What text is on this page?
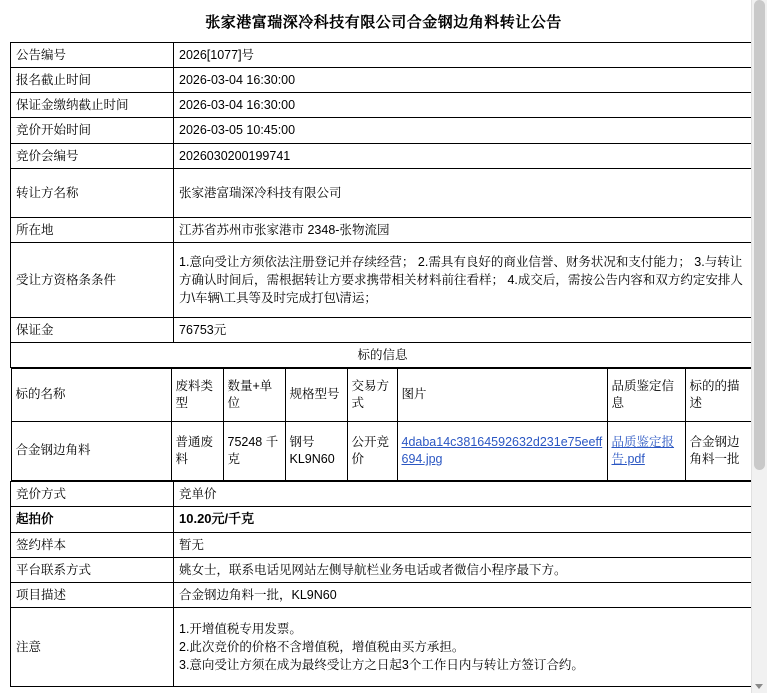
张家港富瑞深冷科技有限公司合金钢边角料转让公告
公告编号	2026[1077]号
报名截止时间	2026-03-04 16:30:00
保证金缴纳截止时间	2026-03-04 16:30:00
竞价开始时间	2026-03-05 10:45:00
竞价会编号	2026030200199741
转让方名称	张家港富瑞深冷科技有限公司
所在地	江苏省苏州市张家港市 2348-张物流园
受让方资格条条件	1.意向受让方须依法注册登记并存续经营； 2.需具有良好的商业信誉、财务状况和支付能力； 3.与转让方确认时间后，需根据转让方要求携带相关材料前往看样； 4.成交后，需按公告内容和双方约定安排人力\车辆\工具等及时完成打包\清运；
保证金	76753元
标的信息

标的名称	废料类型	数量+单位	规格型号	交易方式	图片	品质鉴定信息	标的的描述
合金钢边角料	普通废料	75248 千克	钢号 KL9N60	公开竞价	4daba14c38164592632d231e75eeff694.jpg	品质鉴定报告.pdf	合金钢边角料一批

竞价方式	竞单价
起拍价	10.20元/千克
签约样本	暂无
平台联系方式	姚女士，联系电话见网站左侧导航栏业务电话或者微信小程序最下方。
项目描述	合金钢边角料一批，KL9N60
注意	
1.开增值税专用发票。
2.此次竞价的价格不含增值税，增值税由买方承担。
3.意向受让方须在成为最终受让方之日起3个工作日内与转让方签订合约。
